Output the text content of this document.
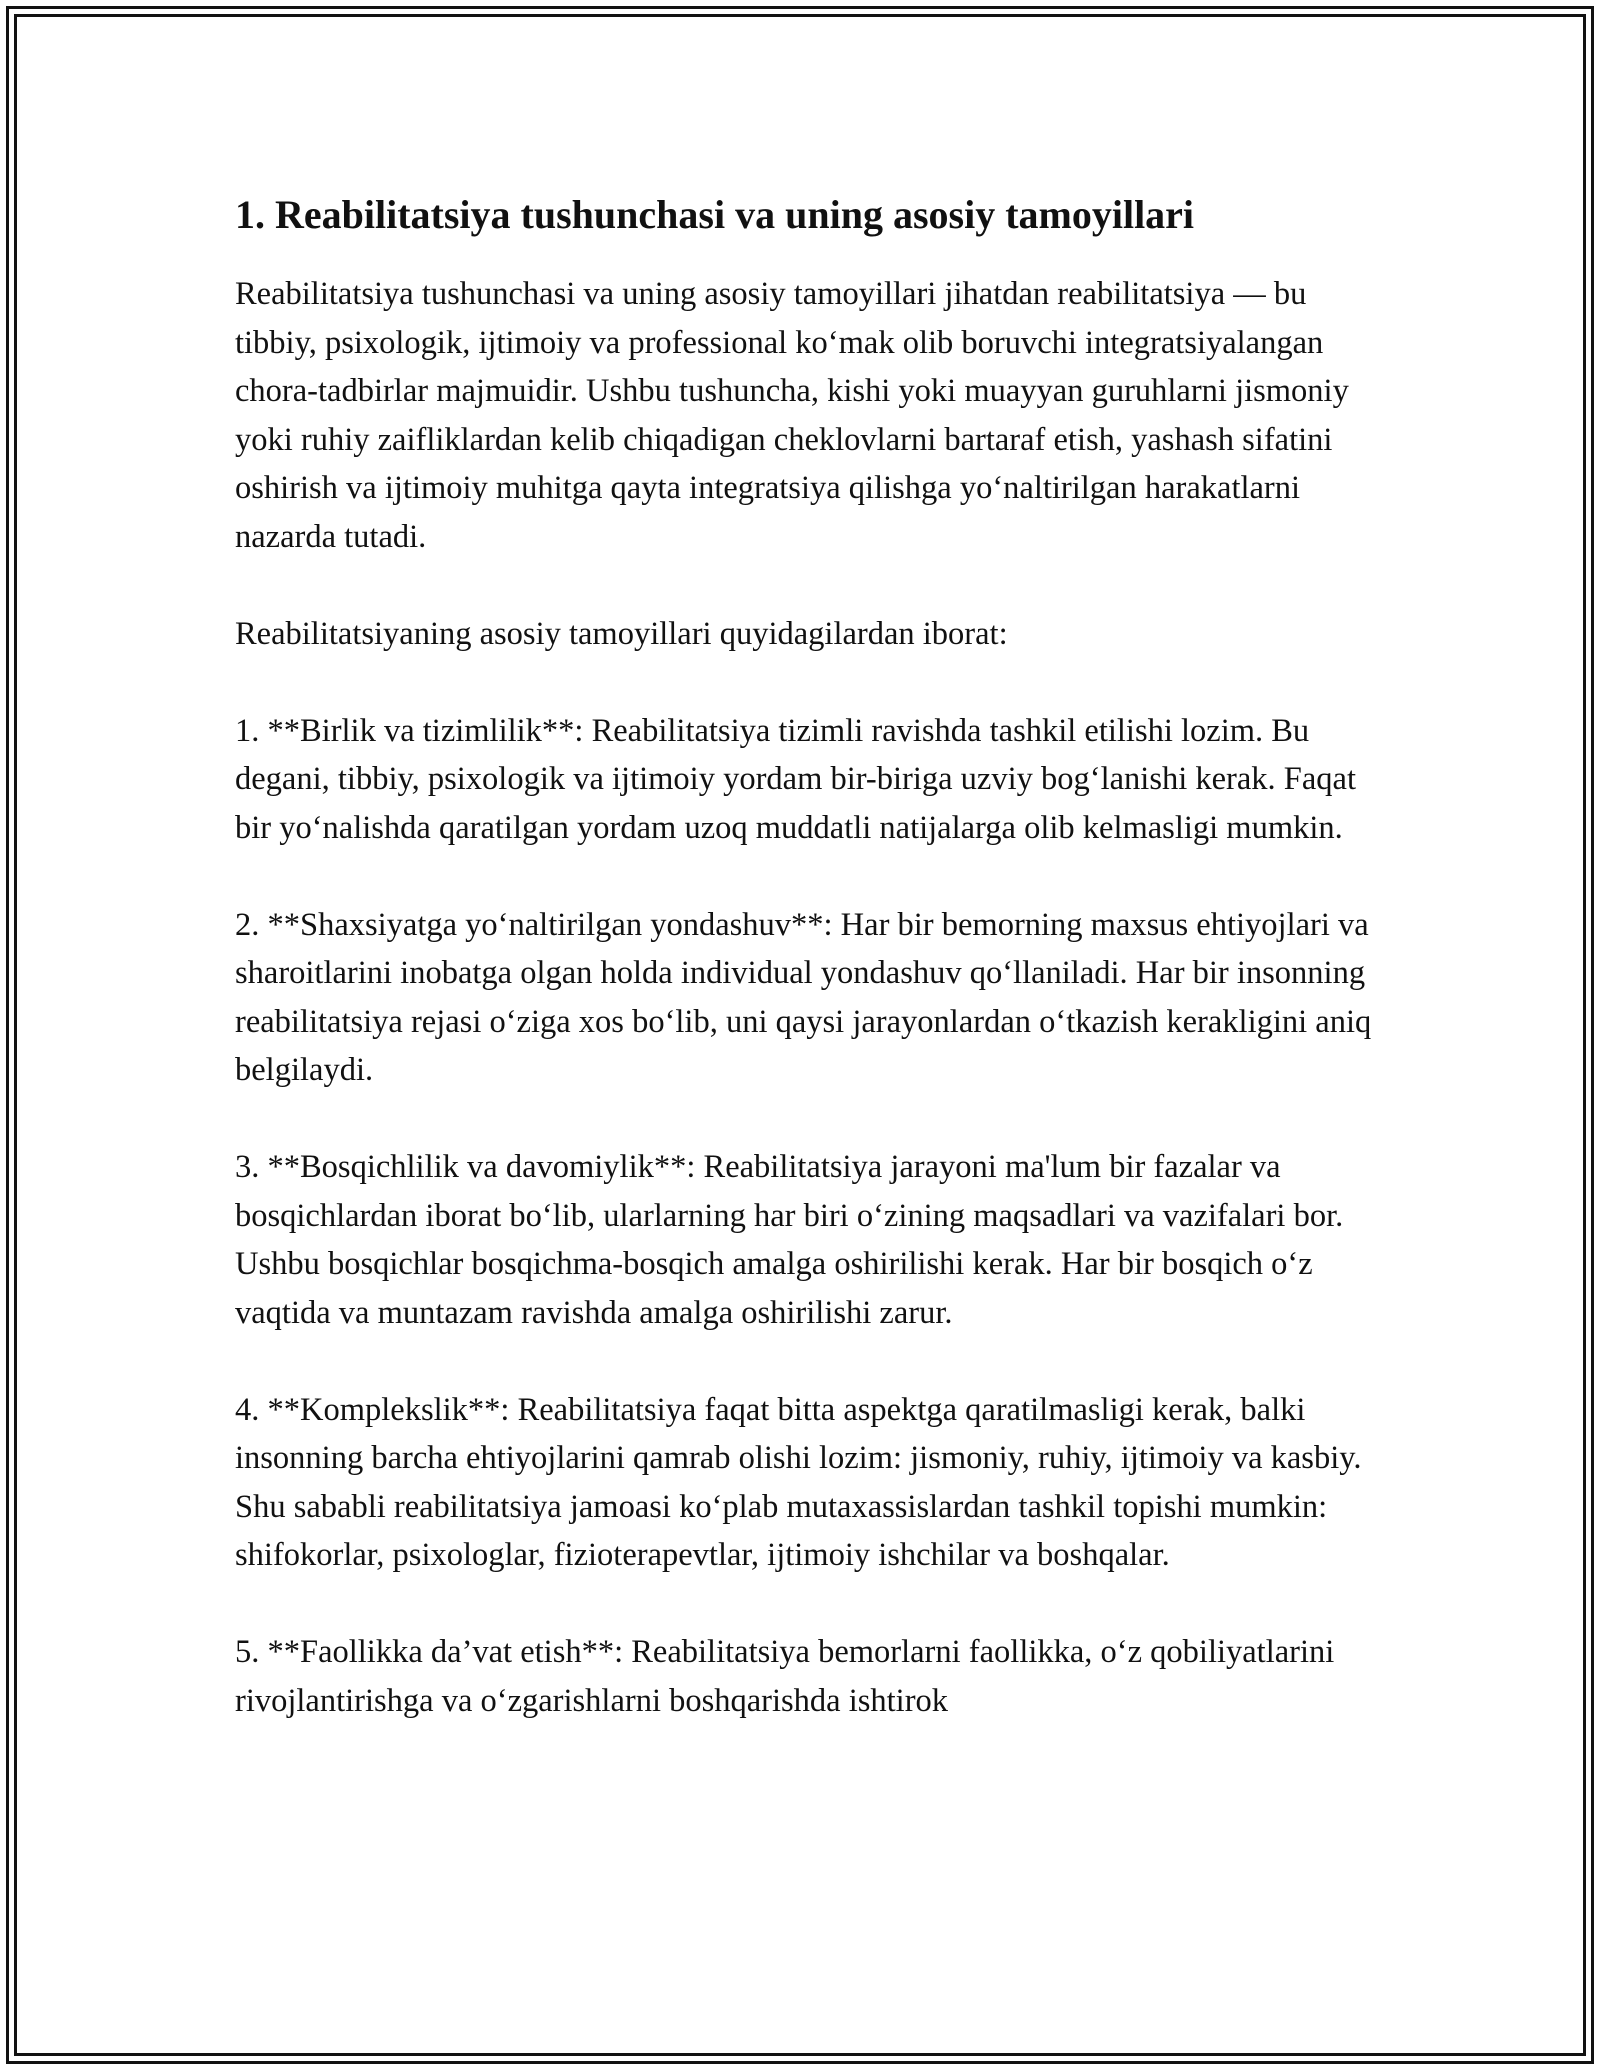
1. Reabilitatsiya tushunchasi va uning asosiy tamoyillari

Reabilitatsiya tushunchasi va uning asosiy tamoyillari jihatdan reabilitatsiya — bu tibbiy, psixologik, ijtimoiy va professional ko‘mak olib boruvchi integratsiyalangan chora-tadbirlar majmuidir. Ushbu tushuncha, kishi yoki muayyan guruhlarni jismoniy yoki ruhiy zaifliklardan kelib chiqadigan cheklovlarni bartaraf etish, yashash sifatini oshirish va ijtimoiy muhitga qayta integratsiya qilishga yo‘naltirilgan harakatlarni nazarda tutadi.

Reabilitatsiyaning asosiy tamoyillari quyidagilardan iborat:

1. **Birlik va tizimlilik**: Reabilitatsiya tizimli ravishda tashkil etilishi lozim. Bu degani, tibbiy, psixologik va ijtimoiy yordam bir-biriga uzviy bog‘lanishi kerak. Faqat bir yo‘nalishda qaratilgan yordam uzoq muddatli natijalarga olib kelmasligi mumkin.

2. **Shaxsiyatga yo‘naltirilgan yondashuv**: Har bir bemorning maxsus ehtiyojlari va sharoitlarini inobatga olgan holda individual yondashuv qo‘llaniladi. Har bir insonning reabilitatsiya rejasi o‘ziga xos bo‘lib, uni qaysi jarayonlardan o‘tkazish kerakligini aniq belgilaydi.

3. **Bosqichlilik va davomiylik**: Reabilitatsiya jarayoni ma'lum bir fazalar va bosqichlardan iborat bo‘lib, ularlarning har biri o‘zining maqsadlari va vazifalari bor. Ushbu bosqichlar bosqichma-bosqich amalga oshirilishi kerak. Har bir bosqich o‘z vaqtida va muntazam ravishda amalga oshirilishi zarur.

4. **Komplekslik**: Reabilitatsiya faqat bitta aspektga qaratilmasligi kerak, balki insonning barcha ehtiyojlarini qamrab olishi lozim: jismoniy, ruhiy, ijtimoiy va kasbiy. Shu sababli reabilitatsiya jamoasi ko‘plab mutaxassislardan tashkil topishi mumkin: shifokorlar, psixologlar, fizioterapevtlar, ijtimoiy ishchilar va boshqalar.

5. **Faollikka da’vat etish**: Reabilitatsiya bemorlarni faollikka, o‘z qobiliyatlarini rivojlantirishga va o‘zgarishlarni boshqarishda ishtirok
